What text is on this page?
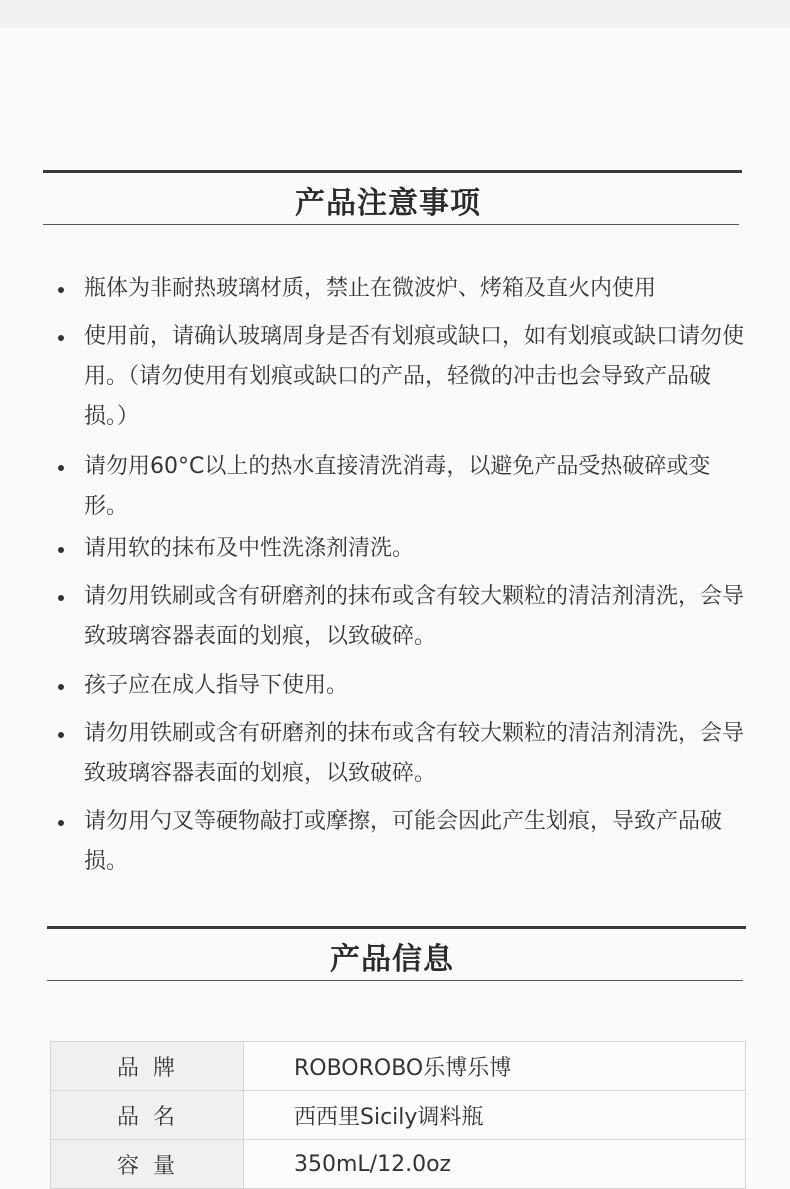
产品注意事项
瓶体为非耐热玻璃材质，禁止在微波炉、烤箱及直火内使用
使用前，请确认玻璃周身是否有划痕或缺口，如有划痕或缺口请勿使用。（请勿使用有划痕或缺口的产品，轻微的冲击也会导致产品破损。）
请勿用60°C以上的热水直接清洗消毒，以避免产品受热破碎或变形。
请用软的抹布及中性洗涤剂清洗。
请勿用铁刷或含有研磨剂的抹布或含有较大颗粒的清洁剂清洗，会导致玻璃容器表面的划痕，以致破碎。
孩子应在成人指导下使用。
请勿用铁刷或含有研磨剂的抹布或含有较大颗粒的清洁剂清洗，会导致玻璃容器表面的划痕，以致破碎。
请勿用勺叉等硬物敲打或摩擦，可能会因此产生划痕，导致产品破损。
产品信息
品牌	ROBOROBO乐博乐博
品名	西西里Sicily调料瓶
容量	350mL/12.0oz
